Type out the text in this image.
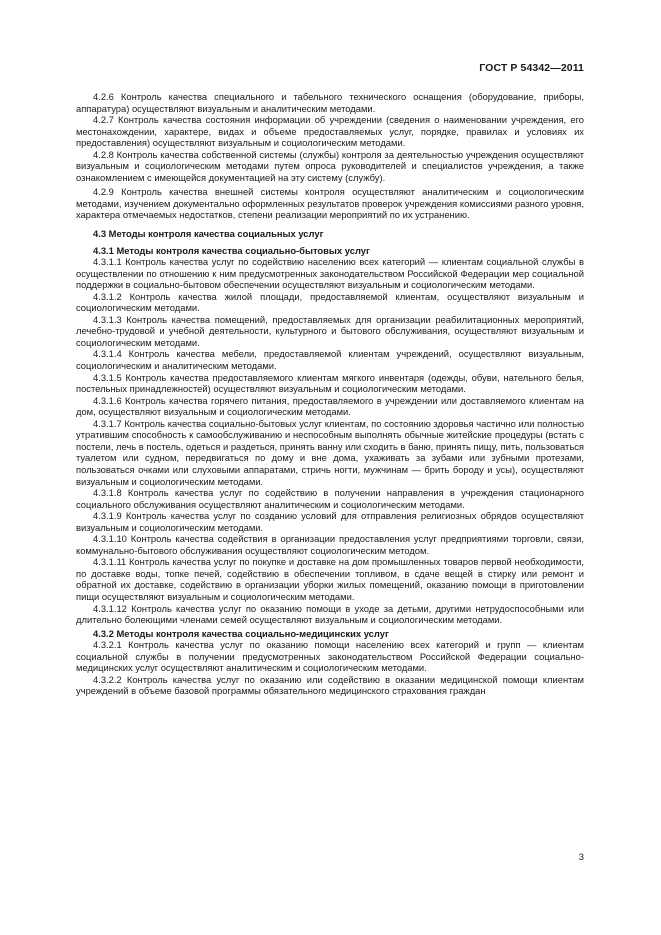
ГОСТ Р 54342—2011

4.2.6 Контроль качества специального и табельного технического оснащения (оборудование, приборы, аппаратура) осуществляют визуальным и аналитическим методами.

4.2.7 Контроль качества состояния информации об учреждении (сведения о наименовании учреждения, его местонахождении, характере, видах и объеме предоставляемых услуг, порядке, правилах и условиях их предоставления) осуществляют визуальным и социологическим методами.

4.2.8 Контроль качества собственной системы (службы) контроля за деятельностью учреждения осуществляют визуальным и социологическим методами путем опроса руководителей и специалистов учреждения, а также ознакомлением с имеющейся документацией на эту систему (службу).

4.2.9 Контроль качества внешней системы контроля осуществляют аналитическим и социологическим методами, изучением документально оформленных результатов проверок учреждения комиссиями разного уровня, характера отмечаемых недостатков, степени реализации мероприятий по их устранению.

4.3 Методы контроля качества социальных услуг
4.3.1 Методы контроля качества социально-бытовых услуг

4.3.1.1 Контроль качества услуг по содействию населению всех категорий — клиентам социальной службы в осуществлении по отношению к ним предусмотренных законодательством Российской Федерации мер социальной поддержки в социально-бытовом обеспечении осуществляют визуальным и социологическим методами.

4.3.1.2 Контроль качества жилой площади, предоставляемой клиентам, осуществляют визуальным и социологическим методами.

4.3.1.3 Контроль качества помещений, предоставляемых для организации реабилитационных мероприятий, лечебно-трудовой и учебной деятельности, культурного и бытового обслуживания, осуществляют визуальным и социологическим методами.

4.3.1.4 Контроль качества мебели, предоставляемой клиентам учреждений, осуществляют визуальным, социологическим и аналитическим методами.

4.3.1.5 Контроль качества предоставляемого клиентам мягкого инвентаря (одежды, обуви, нательного белья, постельных принадлежностей) осуществляют визуальным и социологическим методами.

4.3.1.6 Контроль качества горячего питания, предоставляемого в учреждении или доставляемого клиентам на дом, осуществляют визуальным и социологическим методами.

4.3.1.7 Контроль качества социально-бытовых услуг клиентам, по состоянию здоровья частично или полностью утратившим способность к самообслуживанию и неспособным выполнять обычные житейские процедуры (встать с постели, лечь в постель, одеться и раздеться, принять ванну или сходить в баню, принять пищу, пить, пользоваться туалетом или судном, передвигаться по дому и вне дома, ухаживать за зубами или зубными протезами, пользоваться очками или слуховыми аппаратами, стричь ногти, мужчинам — брить бороду и усы), осуществляют визуальным и социологическим методами.

4.3.1.8 Контроль качества услуг по содействию в получении направления в учреждения стационарного социального обслуживания осуществляют аналитическим и социологическим методами.

4.3.1.9 Контроль качества услуг по созданию условий для отправления религиозных обрядов осуществляют визуальным и социологическим методами.

4.3.1.10 Контроль качества содействия в организации предоставления услуг предприятиями торговли, связи, коммунально-бытового обслуживания осуществляют социологическим методом.

4.3.1.11 Контроль качества услуг по покупке и доставке на дом промышленных товаров первой необходимости, по доставке воды, топке печей, содействию в обеспечении топливом, в сдаче вещей в стирку или ремонт и обратной их доставке, содействию в организации уборки жилых помещений, оказанию помощи в приготовлении пищи осуществляют визуальным и социологическим методами.

4.3.1.12 Контроль качества услуг по оказанию помощи в уходе за детьми, другими нетрудоспособными или длительно болеющими членами семей осуществляют визуальным и социологическим методами.

4.3.2 Методы контроля качества социально-медицинских услуг

4.3.2.1 Контроль качества услуг по оказанию помощи населению всех категорий и групп — клиентам социальной службы в получении предусмотренных законодательством Российской Федерации социально-медицинских услуг осуществляют аналитическим и социологическим методами.

4.3.2.2 Контроль качества услуг по оказанию или содействию в оказании медицинской помощи клиентам учреждений в объеме базовой программы обязательного медицинского страхования граждан

3
